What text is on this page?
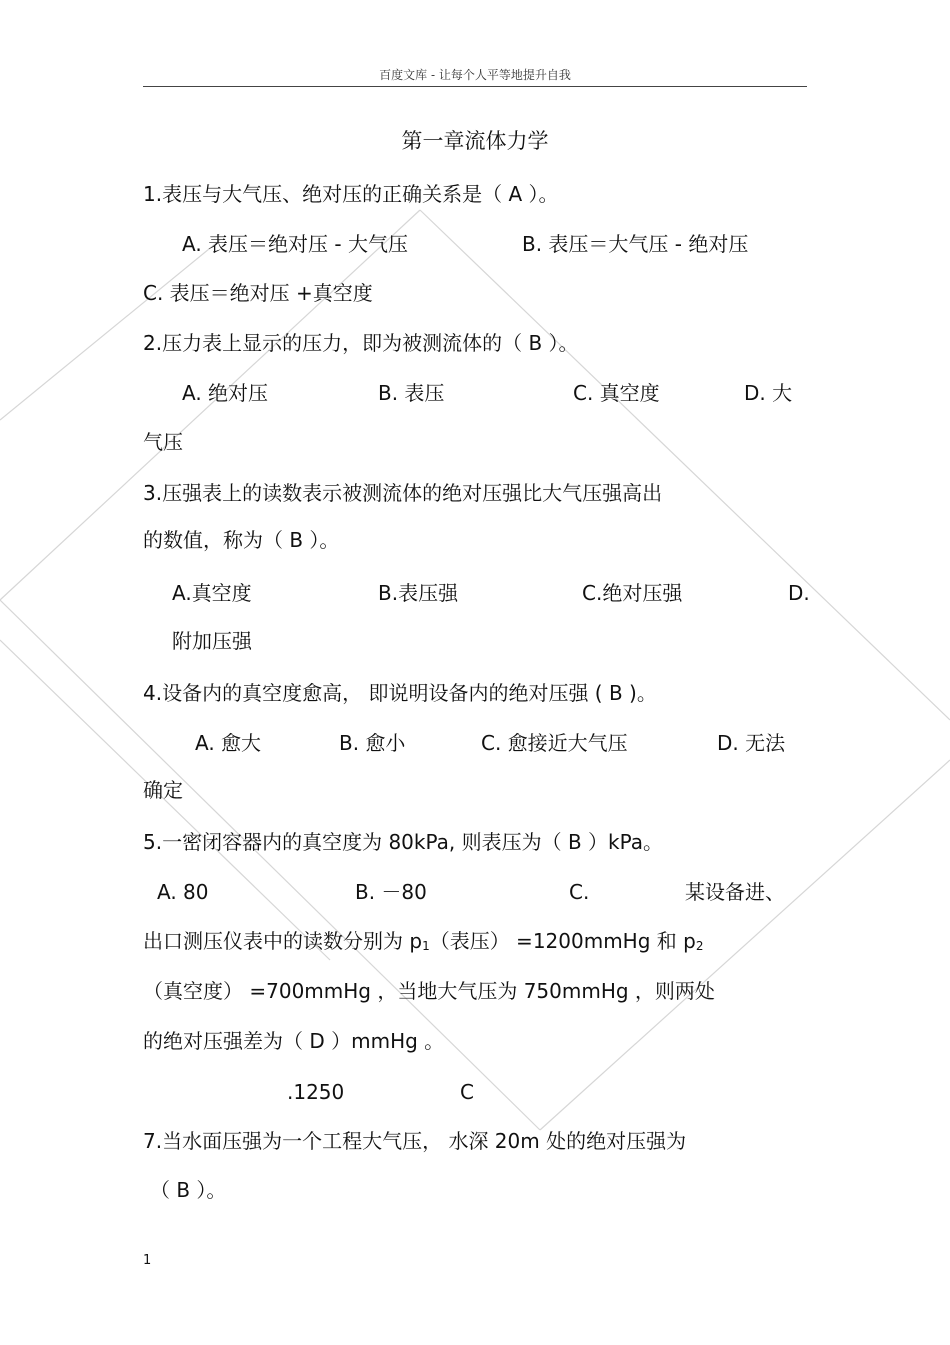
百度文库 - 让每个人平等地提升自我
第一章流体力学
1.表压与大气压、绝对压的正确关系是（ A ）。
A. 表压＝绝对压 - 大气压	B. 表压＝大气压 - 绝对压
C. 表压＝绝对压 +真空度
2.压力表上显示的压力，即为被测流体的（ B ）。
A. 绝对压	B. 表压	C. 真空度	D. 大
气压
3.压强表上的读数表示被测流体的绝对压强比大气压强高出
的数值，称为（ B ）。
A.真空度	B.表压强	C.绝对压强	D.
附加压强
4.设备内的真空度愈高， 即说明设备内的绝对压强 ( B )。
A. 愈大	B. 愈小	C. 愈接近大气压	D. 无法
确定
5.一密闭容器内的真空度为 80kPa, 则表压为（ B ）kPa。
A. 80	B. －80	C.	某设备进、
出口测压仪表中的读数分别为 $p_1$（表压） =1200mmHg 和 $p_2$
（真空度） =700mmHg ，当地大气压为 750mmHg ，则两处
的绝对压强差为（ D ）mmHg 。
.1250	C
7.当水面压强为一个工程大气压， 水深 20m 处的绝对压强为
（ B ）。
1
